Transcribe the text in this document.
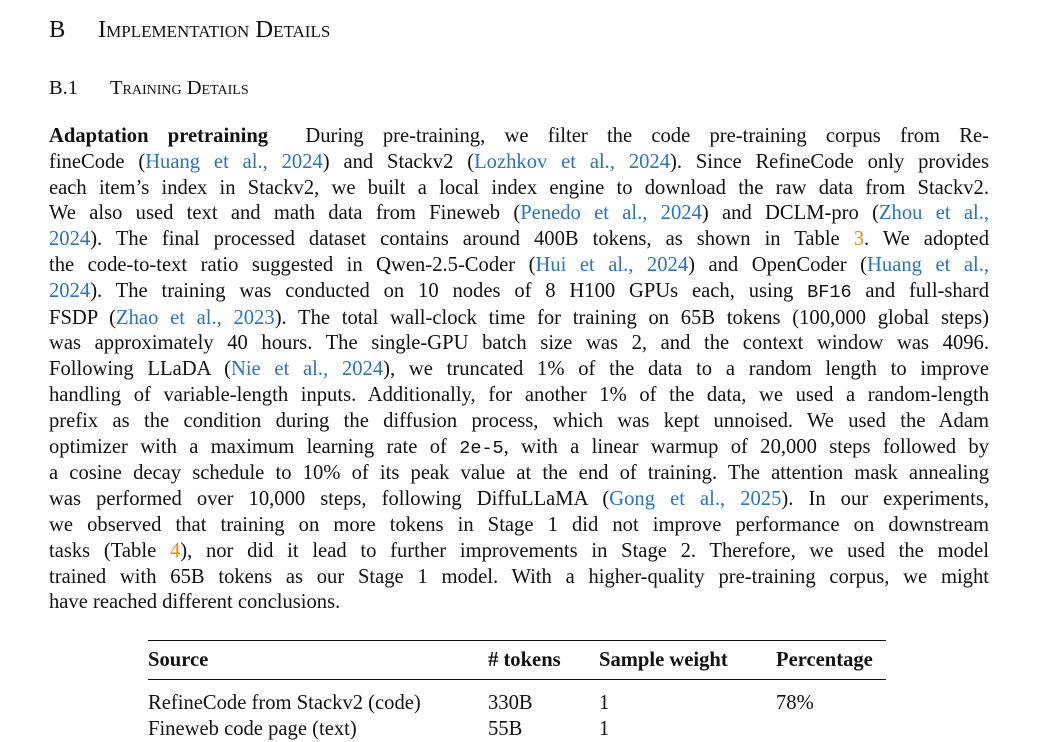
B Implementation Details
B.1 Training Details
Adaptation pretraining During pre-training, we filter the code pre-training corpus from Re-
fineCode (Huang et al., 2024) and Stackv2 (Lozhkov et al., 2024). Since RefineCode only provides
each item’s index in Stackv2, we built a local index engine to download the raw data from Stackv2.
We also used text and math data from Fineweb (Penedo et al., 2024) and DCLM-pro (Zhou et al.,
2024). The final processed dataset contains around 400B tokens, as shown in Table 3. We adopted
the code-to-text ratio suggested in Qwen-2.5-Coder (Hui et al., 2024) and OpenCoder (Huang et al.,
2024). The training was conducted on 10 nodes of 8 H100 GPUs each, using BF16 and full-shard
FSDP (Zhao et al., 2023). The total wall-clock time for training on 65B tokens (100,000 global steps)
was approximately 40 hours. The single-GPU batch size was 2, and the context window was 4096.
Following LLaDA (Nie et al., 2024), we truncated 1% of the data to a random length to improve
handling of variable-length inputs. Additionally, for another 1% of the data, we used a random-length
prefix as the condition during the diffusion process, which was kept unnoised. We used the Adam
optimizer with a maximum learning rate of 2e-5, with a linear warmup of 20,000 steps followed by
a cosine decay schedule to 10% of its peak value at the end of training. The attention mask annealing
was performed over 10,000 steps, following DiffuLLaMA (Gong et al., 2025). In our experiments,
we observed that training on more tokens in Stage 1 did not improve performance on downstream
tasks (Table 4), nor did it lead to further improvements in Stage 2. Therefore, we used the model
trained with 65B tokens as our Stage 1 model. With a higher-quality pre-training corpus, we might
have reached different conclusions.
Source	# tokens	Sample weight	Percentage
RefineCode from Stackv2 (code)	330B	1	78%
Fineweb code page (text)	55B	1	
